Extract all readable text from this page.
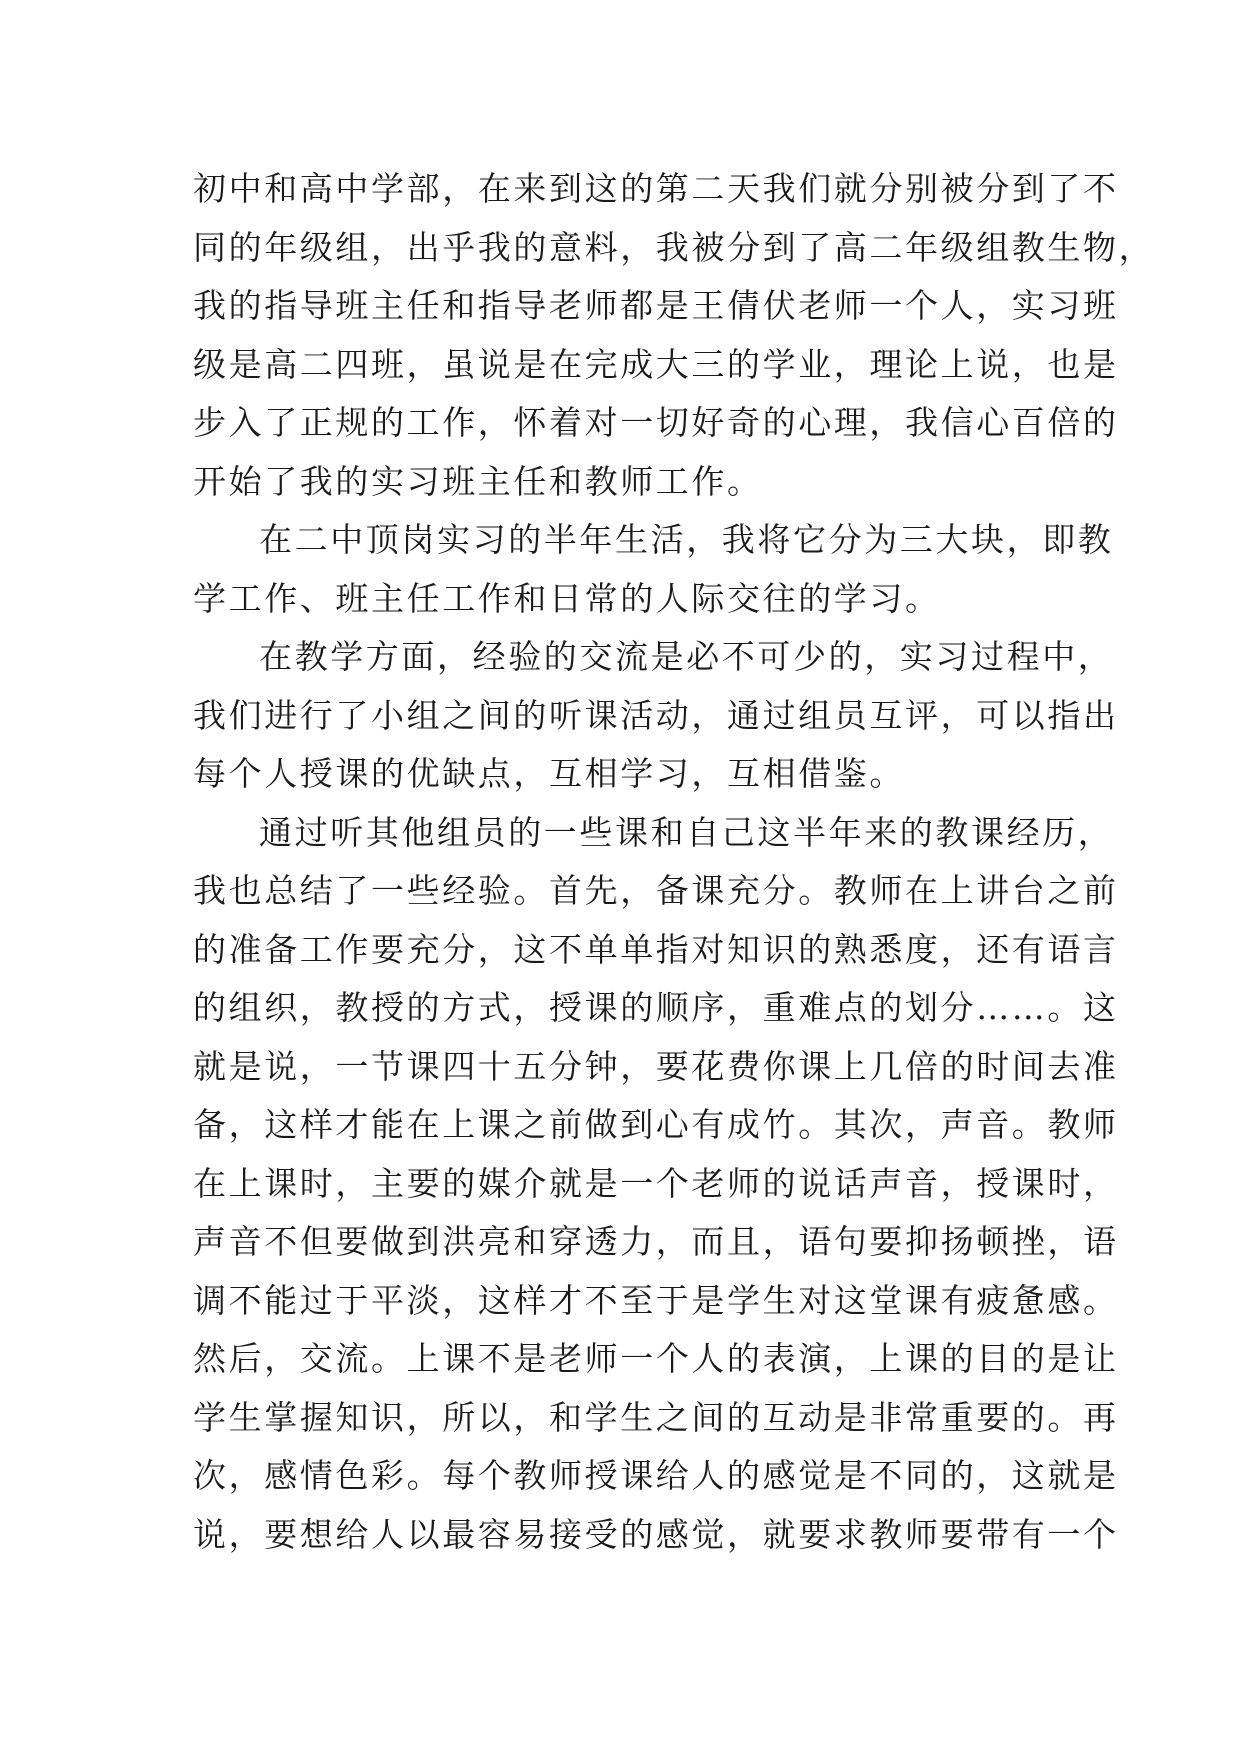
初中和高中学部，在来到这的第二天我们就分别被分到了不
同的年级组，出乎我的意料，我被分到了高二年级组教生物，
我的指导班主任和指导老师都是王倩伏老师一个人，实习班
级是高二四班，虽说是在完成大三的学业，理论上说，也是
步入了正规的工作，怀着对一切好奇的心理，我信心百倍的
开始了我的实习班主任和教师工作。
在二中顶岗实习的半年生活，我将它分为三大块，即教
学工作、班主任工作和日常的人际交往的学习。
在教学方面，经验的交流是必不可少的，实习过程中，
我们进行了小组之间的听课活动，通过组员互评，可以指出
每个人授课的优缺点，互相学习，互相借鉴。
通过听其他组员的一些课和自己这半年来的教课经历，
我也总结了一些经验。首先，备课充分。教师在上讲台之前
的准备工作要充分，这不单单指对知识的熟悉度，还有语言
的组织，教授的方式，授课的顺序，重难点的划分……。这
就是说，一节课四十五分钟，要花费你课上几倍的时间去准
备，这样才能在上课之前做到心有成竹。其次，声音。教师
在上课时，主要的媒介就是一个老师的说话声音，授课时，
声音不但要做到洪亮和穿透力，而且，语句要抑扬顿挫，语
调不能过于平淡，这样才不至于是学生对这堂课有疲惫感。
然后，交流。上课不是老师一个人的表演，上课的目的是让
学生掌握知识，所以，和学生之间的互动是非常重要的。再
次，感情色彩。每个教师授课给人的感觉是不同的，这就是
说，要想给人以最容易接受的感觉，就要求教师要带有一个
